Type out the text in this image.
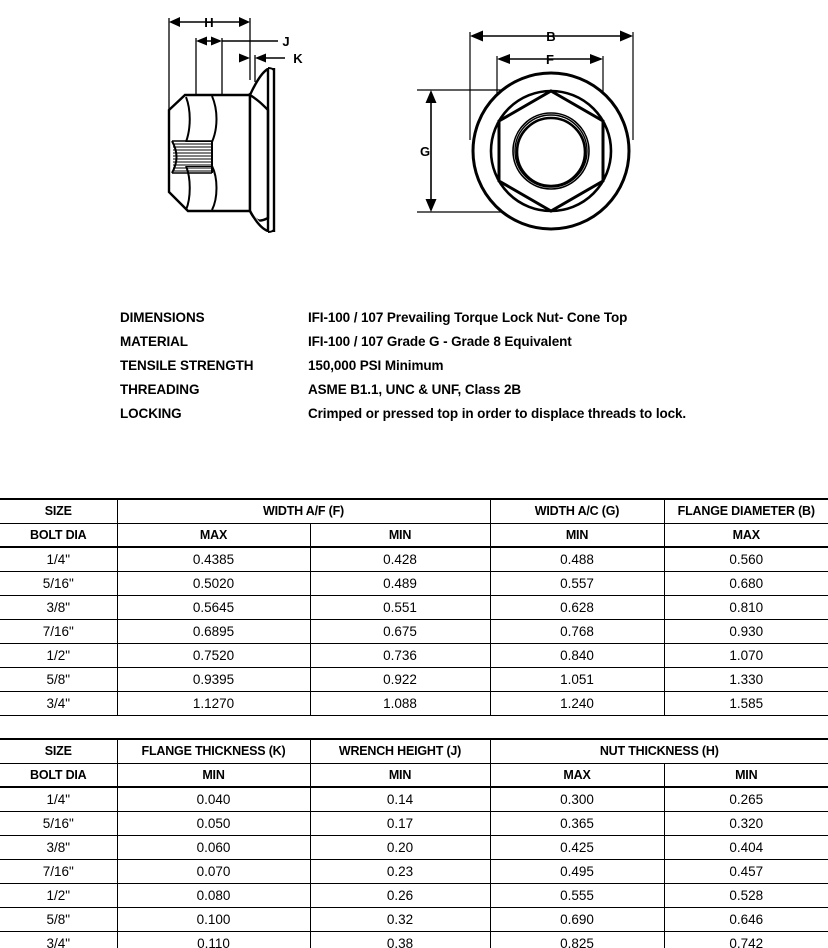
H
J
K
B
F
G
DIMENSIONS	IFI-100 / 107 Prevailing Torque Lock Nut- Cone Top
MATERIAL	IFI-100 / 107 Grade G - Grade 8 Equivalent
TENSILE STRENGTH	150,000 PSI Minimum
THREADING	ASME B1.1, UNC & UNF, Class 2B
LOCKING	Crimped or pressed top in order to displace threads to lock.
SIZE	WIDTH A/F (F)		WIDTH A/C (G)	FLANGE DIAMETER (B)
BOLT DIA	MAX	MIN	MIN	MAX
1/4"	0.4385	0.428	0.488	0.560
5/16"	0.5020	0.489	0.557	0.680
3/8"	0.5645	0.551	0.628	0.810
7/16"	0.6895	0.675	0.768	0.930
1/2"	0.7520	0.736	0.840	1.070
5/8"	0.9395	0.922	1.051	1.330
3/4"	1.1270	1.088	1.240	1.585
SIZE	FLANGE THICKNESS (K)	WRENCH HEIGHT (J)	NUT THICKNESS (H)	
BOLT DIA	MIN	MIN	MAX	MIN
1/4"	0.040	0.14	0.300	0.265
5/16"	0.050	0.17	0.365	0.320
3/8"	0.060	0.20	0.425	0.404
7/16"	0.070	0.23	0.495	0.457
1/2"	0.080	0.26	0.555	0.528
5/8"	0.100	0.32	0.690	0.646
3/4"	0.110	0.38	0.825	0.742
